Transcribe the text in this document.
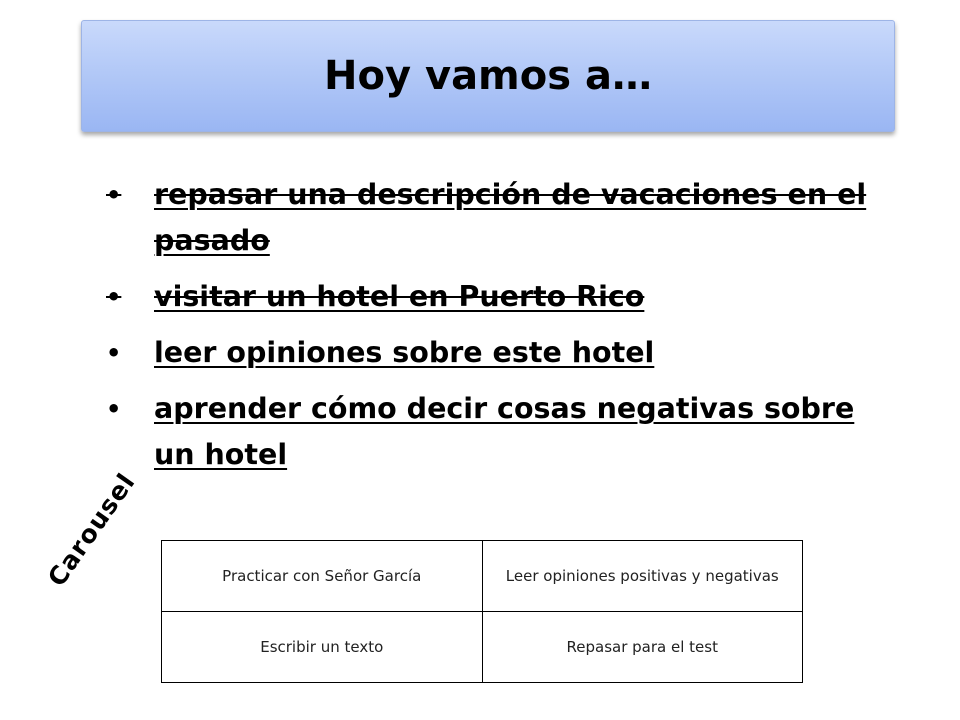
Hoy vamos a…
• repasar una descripción de vacaciones en el pasado
• visitar un hotel en Puerto Rico
• leer opiniones sobre este hotel
• aprender cómo decir cosas negativas sobre un hotel
Carousel	Practicar con Señor García	Leer opiniones positivas y negativas
Escribir un texto	Repasar para el test
